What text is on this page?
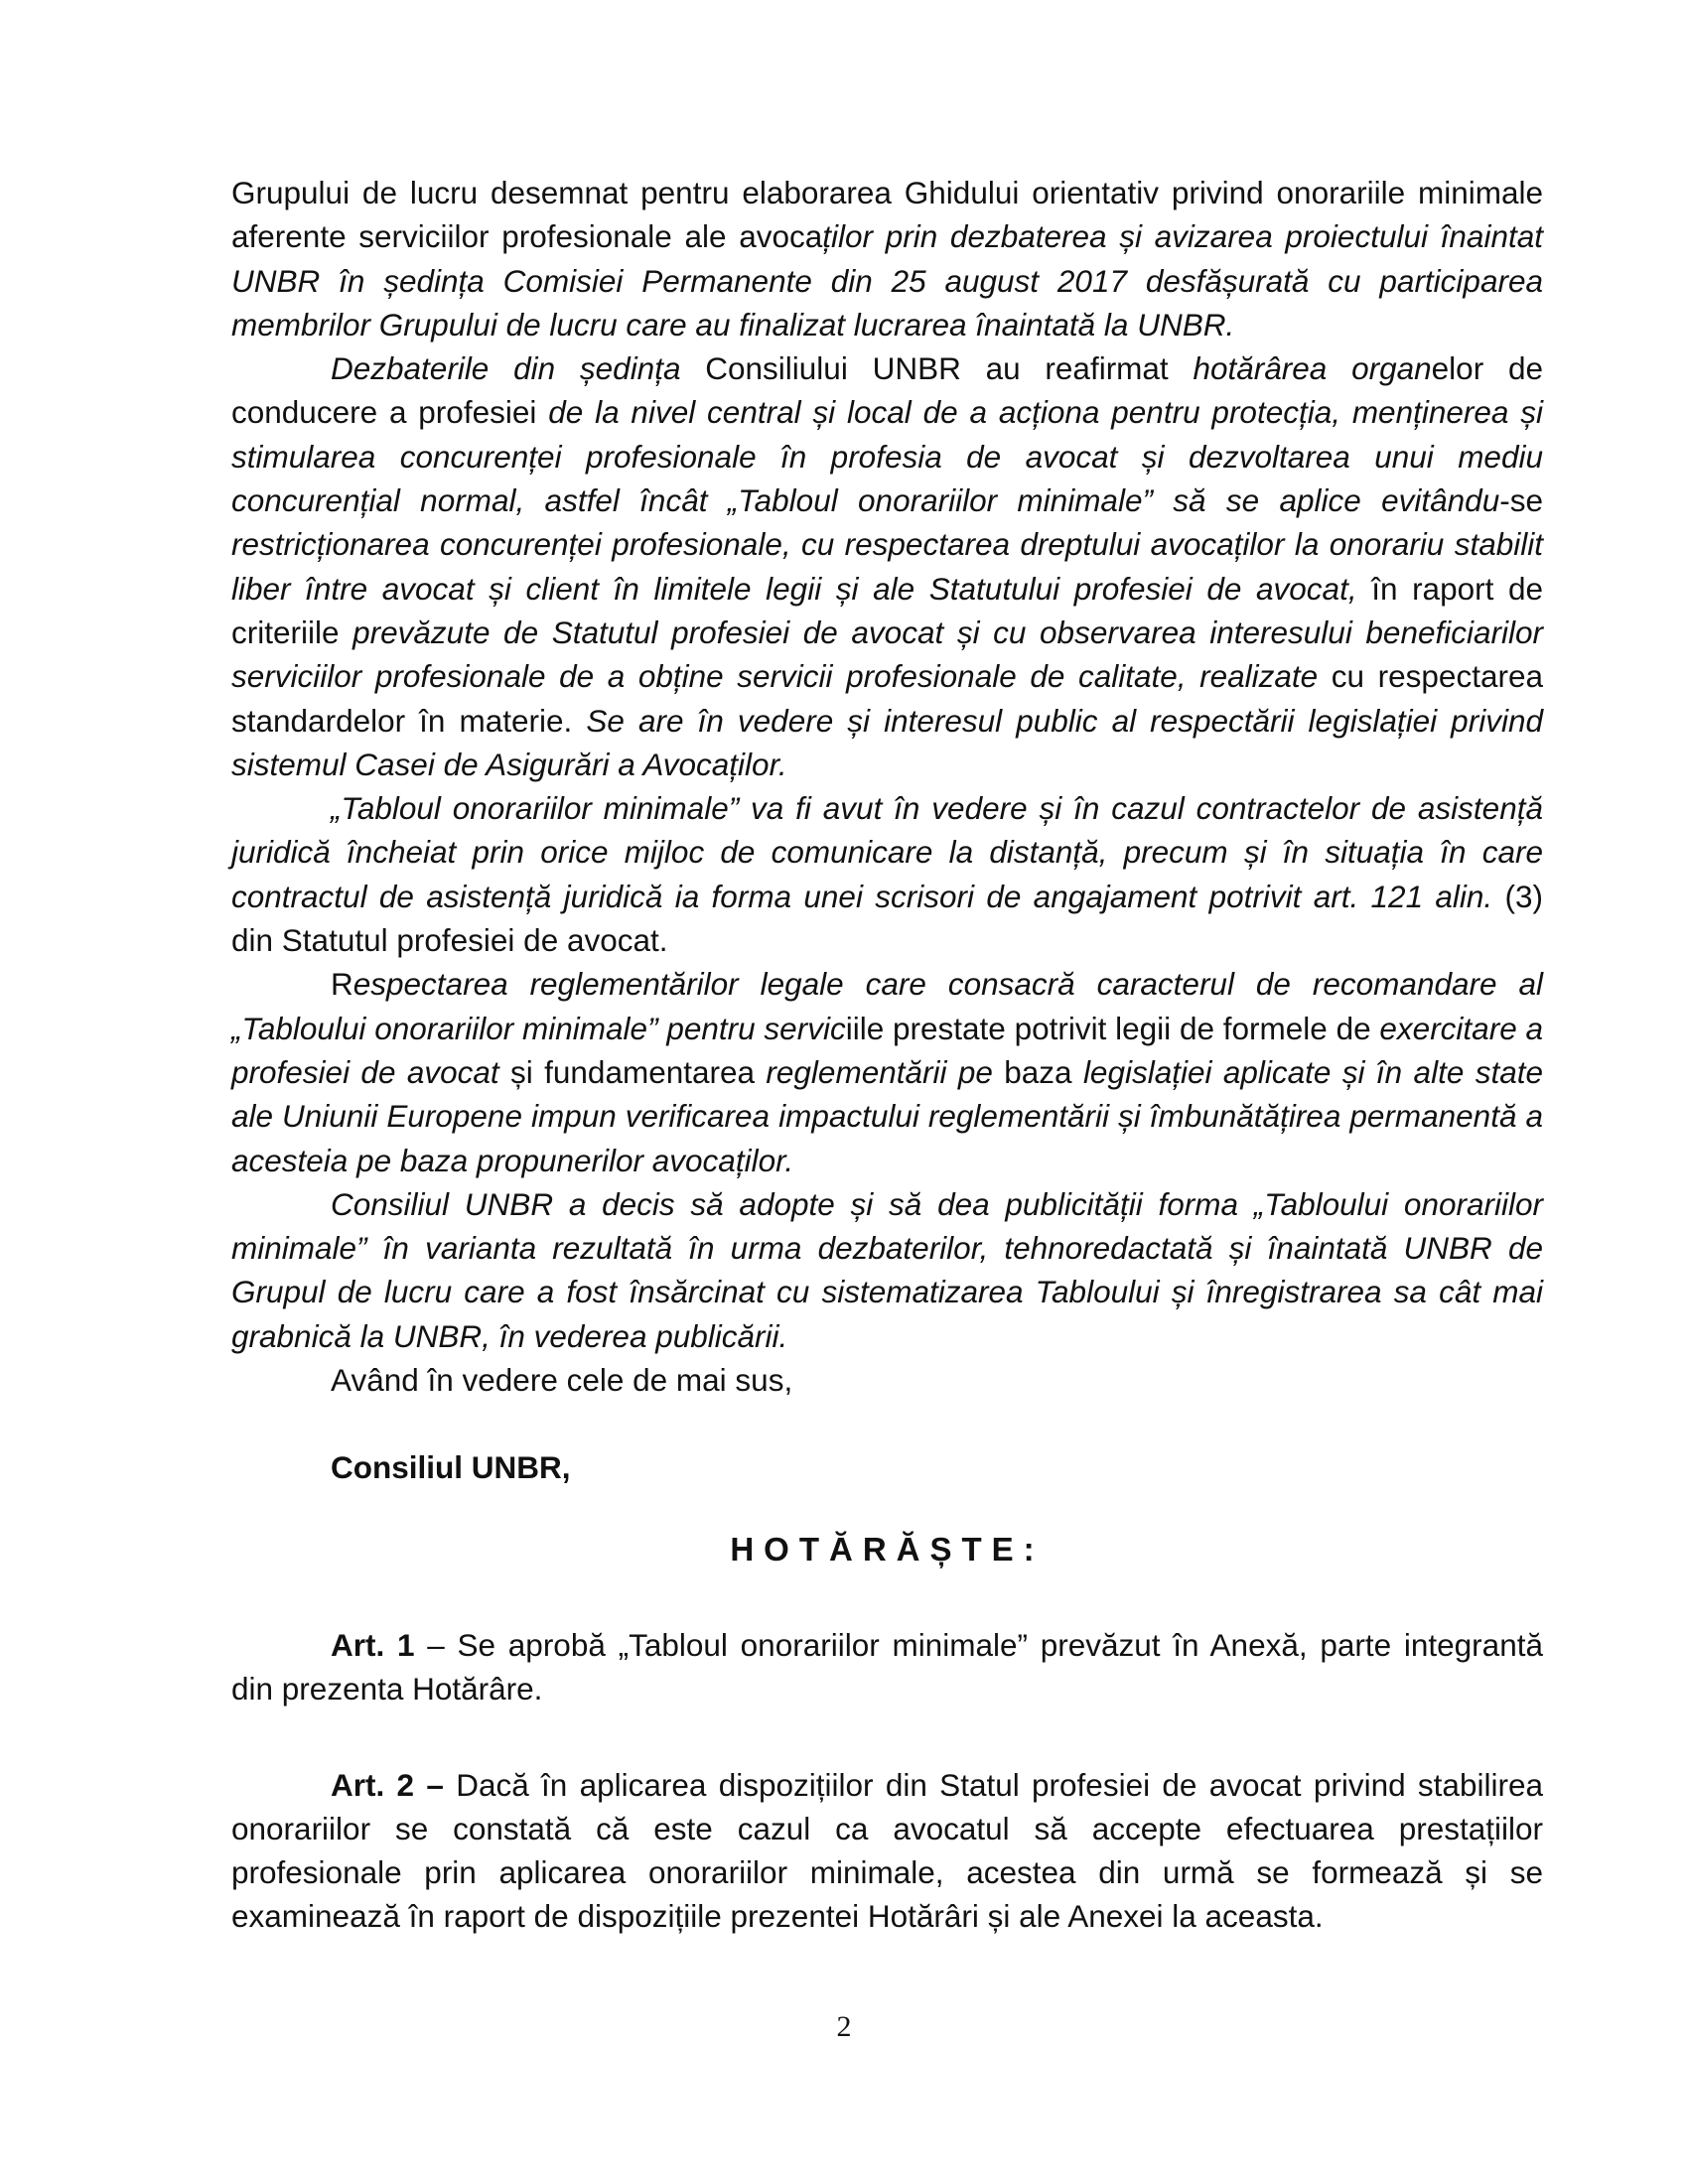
Grupului de lucru desemnat pentru elaborarea Ghidului orientativ privind onorariile minimale aferente serviciilor profesionale ale avocaților prin dezbaterea și avizarea proiectului înaintat UNBR în ședința Comisiei Permanente din 25 august 2017 desfășurată cu participarea membrilor Grupului de lucru care au finalizat lucrarea înaintată la UNBR.

Dezbaterile din ședința Consiliului UNBR au reafirmat hotărârea organelor de conducere a profesiei de la nivel central și local de a acționa pentru protecția, menținerea și stimularea concurenței profesionale în profesia de avocat și dezvoltarea unui mediu concurențial normal, astfel încât „Tabloul onorariilor minimale” să se aplice evitându-se restricționarea concurenței profesionale, cu respectarea dreptului avocaților la onorariu stabilit liber între avocat și client în limitele legii și ale Statutului profesiei de avocat, în raport de criteriile prevăzute de Statutul profesiei de avocat și cu observarea interesului beneficiarilor serviciilor profesionale de a obține servicii profesionale de calitate, realizate cu respectarea standardelor în materie. Se are în vedere și interesul public al respectării legislației privind sistemul Casei de Asigurări a Avocaților.

„Tabloul onorariilor minimale” va fi avut în vedere și în cazul contractelor de asistență juridică încheiat prin orice mijloc de comunicare la distanță, precum și în situația în care contractul de asistență juridică ia forma unei scrisori de angajament potrivit art. 121 alin. (3) din Statutul profesiei de avocat.

Respectarea reglementărilor legale care consacră caracterul de recomandare al „Tabloului onorariilor minimale” pentru serviciile prestate potrivit legii de formele de exercitare a profesiei de avocat și fundamentarea reglementării pe baza legislației aplicate și în alte state ale Uniunii Europene impun verificarea impactului reglementării și îmbunătățirea permanentă a acesteia pe baza propunerilor avocaților.

Consiliul UNBR a decis să adopte și să dea publicității forma „Tabloului onorariilor minimale” în varianta rezultată în urma dezbaterilor, tehnoredactată și înaintată UNBR de Grupul de lucru care a fost însărcinat cu sistematizarea Tabloului și înregistrarea sa cât mai grabnică la UNBR, în vederea publicării.

Având în vedere cele de mai sus,

Consiliul UNBR,

HOTĂRĂȘTE:

Art. 1 – Se aprobă „Tabloul onorariilor minimale” prevăzut în Anexă, parte integrantă din prezenta Hotărâre.

Art. 2 – Dacă în aplicarea dispozițiilor din Statul profesiei de avocat privind stabilirea onorariilor se constată că este cazul ca avocatul să accepte efectuarea prestațiilor profesionale prin aplicarea onorariilor minimale, acestea din urmă se formează și se examinează în raport de dispozițiile prezentei Hotărâri și ale Anexei la aceasta.

2
